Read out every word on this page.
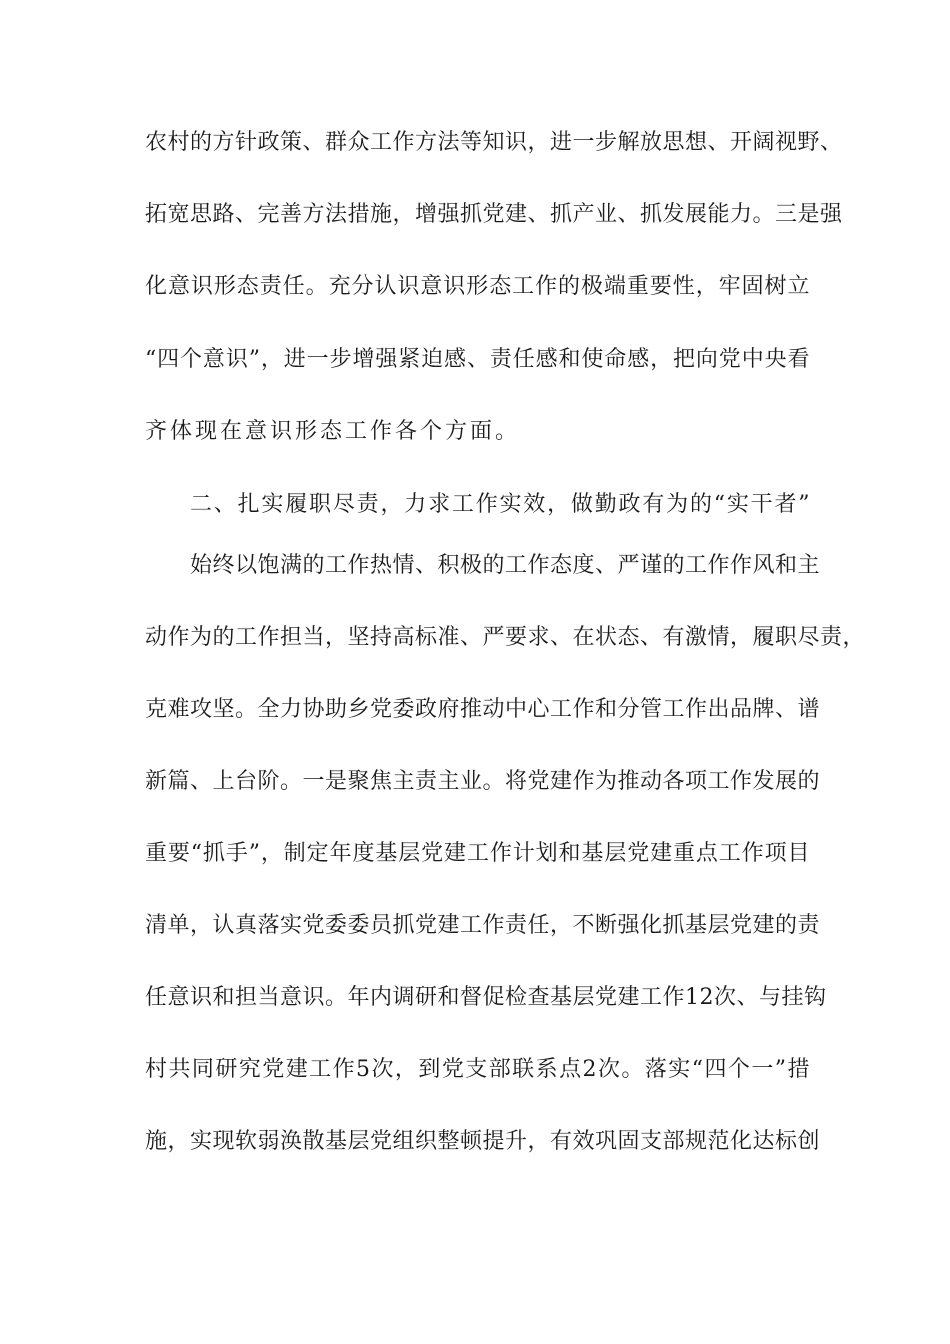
农村的方针政策、群众工作方法等知识，进一步解放思想、开阔视野、
拓宽思路、完善方法措施，增强抓党建、抓产业、抓发展能力。三是强
化意识形态责任。充分认识意识形态工作的极端重要性，牢固树立
“四个意识”，进一步增强紧迫感、责任感和使命感，把向党中央看
齐体现在意识形态工作各个方面。
二、扎实履职尽责，力求工作实效，做勤政有为的“实干者”
始终以饱满的工作热情、积极的工作态度、严谨的工作作风和主
动作为的工作担当，坚持高标准、严要求、在状态、有激情，履职尽责，
克难攻坚。全力协助乡党委政府推动中心工作和分管工作出品牌、谱
新篇、上台阶。一是聚焦主责主业。将党建作为推动各项工作发展的
重要“抓手”，制定年度基层党建工作计划和基层党建重点工作项目
清单，认真落实党委委员抓党建工作责任，不断强化抓基层党建的责
任意识和担当意识。年内调研和督促检查基层党建工作12次、与挂钩
村共同研究党建工作5次，到党支部联系点2次。落实“四个一”措
施，实现软弱涣散基层党组织整顿提升，有效巩固支部规范化达标创
